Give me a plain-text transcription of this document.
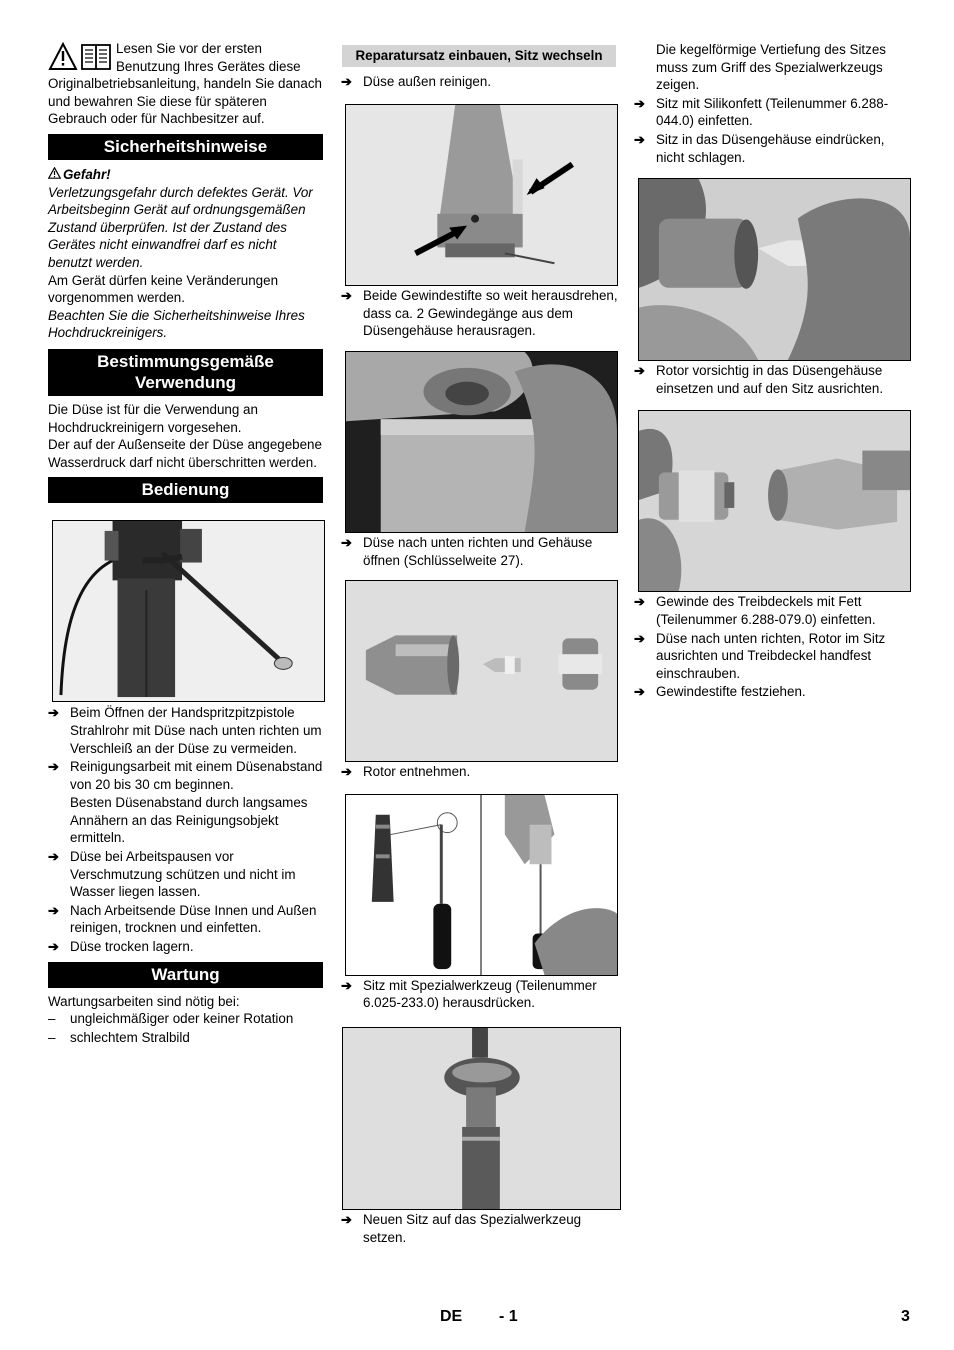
Lesen Sie vor der ersten Benutzung Ihres Gerätes diese Originalbetriebsanleitung, handeln Sie danach und bewahren Sie diese für späteren Gebrauch oder für Nachbesitzer auf.

Sicherheitshinweise

Gefahr!

Verletzungsgefahr durch defektes Gerät. Vor Arbeitsbeginn Gerät auf ordnungsgemäßen Zustand überprüfen. Ist der Zustand des Gerätes nicht einwandfrei darf es nicht benutzt werden.

Am Gerät dürfen keine Veränderungen vorgenommen werden.

Beachten Sie die Sicherheitshinweise Ihres Hochdruckreinigers.

Bestimmungsgemäße Verwendung

Die Düse ist für die Verwendung an Hochdruckreinigern vorgesehen.

Der auf der Außenseite der Düse angegebene Wasserdruck darf nicht überschritten werden.

Bedienung
➔ Beim Öffnen der Handspritzpitzpistole Strahlrohr mit Düse nach unten richten um Verschleiß an der Düse zu vermeiden.

➔ Reinigungsarbeit mit einem Düsenabstand von 20 bis 30 cm beginnen.

Besten Düsenabstand durch langsames Annähern an das Reinigungsobjekt ermitteln.

➔ Düse bei Arbeitspausen vor Verschmutzung schützen und nicht im Wasser liegen lassen.

➔ Nach Arbeitsende Düse Innen und Außen reinigen, trocknen und einfetten.

➔ Düse trocken lagern.

Wartung

Wartungsarbeiten sind nötig bei:

– ungleichmäßiger oder keiner Rotation

– schlechtem Stralbild

Reparatursatz einbauen, Sitz wechseln
➔ Düse außen reinigen.

➔ Beide Gewindestifte so weit herausdrehen, dass ca. 2 Gewindegänge aus dem Düsengehäuse herausragen.

➔ Düse nach unten richten und Gehäuse öffnen (Schlüsselweite 27).

➔ Rotor entnehmen.

➔ Sitz mit Spezialwerkzeug (Teilenummer 6.025-233.0) herausdrücken.

➔ Neuen Sitz auf das Spezialwerkzeug setzen.

Die kegelförmige Vertiefung des Sitzes muss zum Griff des Spezialwerkzeugs zeigen.

➔ Sitz mit Silikonfett (Teilenummer 6.288-044.0) einfetten.

➔ Sitz in das Düsengehäuse eindrücken, nicht schlagen.

➔ Rotor vorsichtig in das Düsengehäuse einsetzen und auf den Sitz ausrichten.

➔ Gewinde des Treibdeckels mit Fett (Teilenummer 6.288-079.0) einfetten.

➔ Düse nach unten richten, Rotor im Sitz ausrichten und Treibdeckel handfest einschrauben.

➔ Gewindestifte festziehen.

DE - 1	3
